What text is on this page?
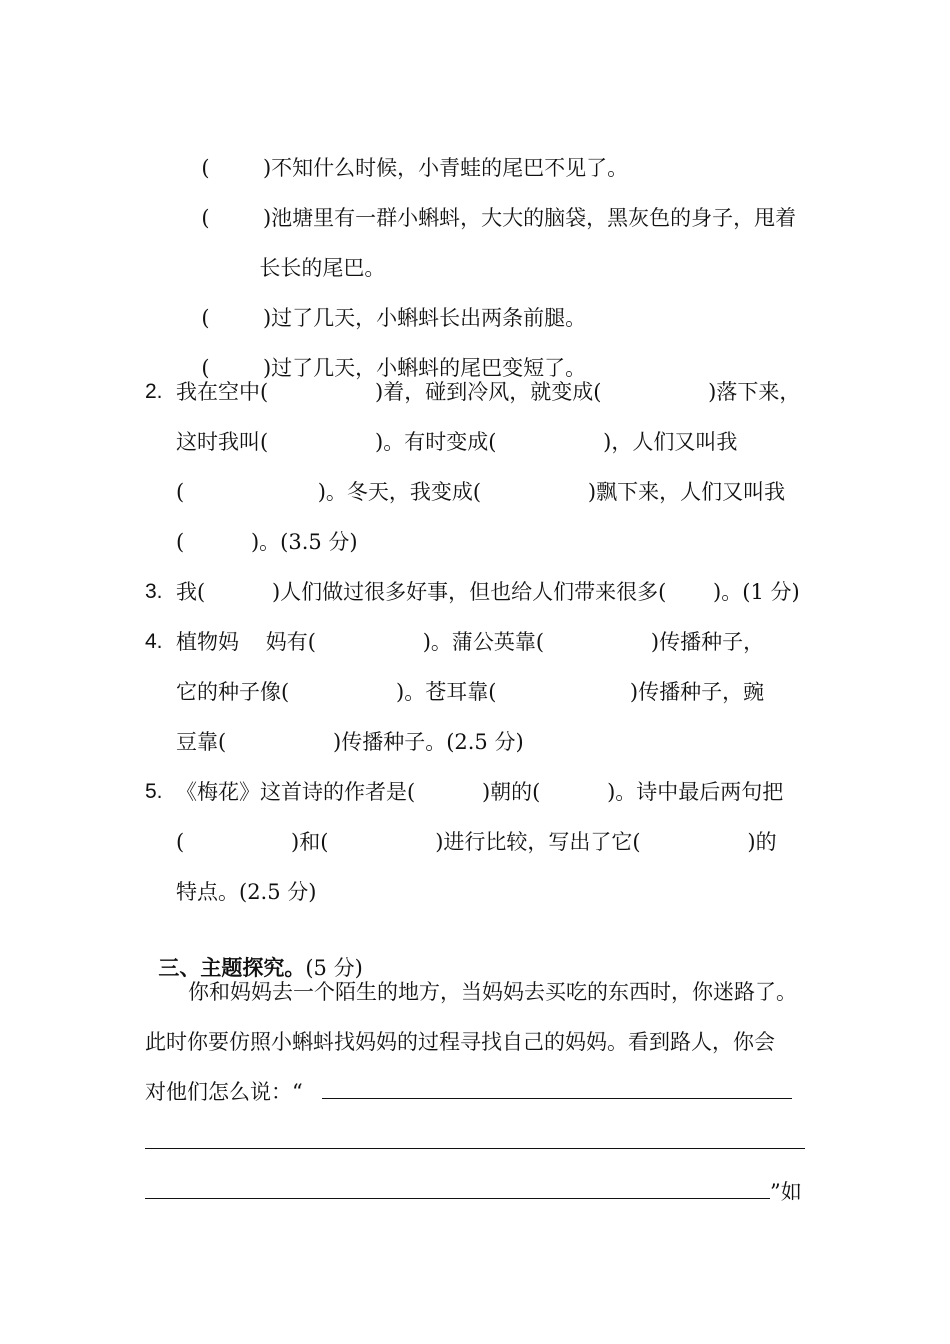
(        )不知什么时候，小青蛙的尾巴不见了。

(        )池塘里有一群小蝌蚪，大大的脑袋，黑灰色的身子，甩着

长长的尾巴。

(        )过了几天，小蝌蚪长出两条前腿。

(        )过了几天，小蝌蚪的尾巴变短了。

2. 我在空中(                )着，碰到冷风，就变成(                )落下来，
这时我叫(                )。有时变成(                )，人们又叫我
(                    )。冬天，我变成(                )飘下来，人们又叫我
(          )。(3.5 分)
3. 我(          )人们做过很多好事，但也给人们带来很多(       )。(1 分)
4. 植物妈    妈有(                )。蒲公英靠(                )传播种子，
它的种子像(                )。苍耳靠(                    )传播种子，豌
豆靠(                )传播种子。(2.5 分)
5. 《梅花》这首诗的作者是(          )朝的(          )。诗中最后两句把
(                )和(                )进行比较，写出了它(                )的
特点。(2.5 分)

三、主题探究。(5 分)

你和妈妈去一个陌生的地方，当妈妈去买吃的东西时，你迷路了。
此时你要仿照小蝌蚪找妈妈的过程寻找自己的妈妈。看到路人，你会
对他们怎么说：“
”如
